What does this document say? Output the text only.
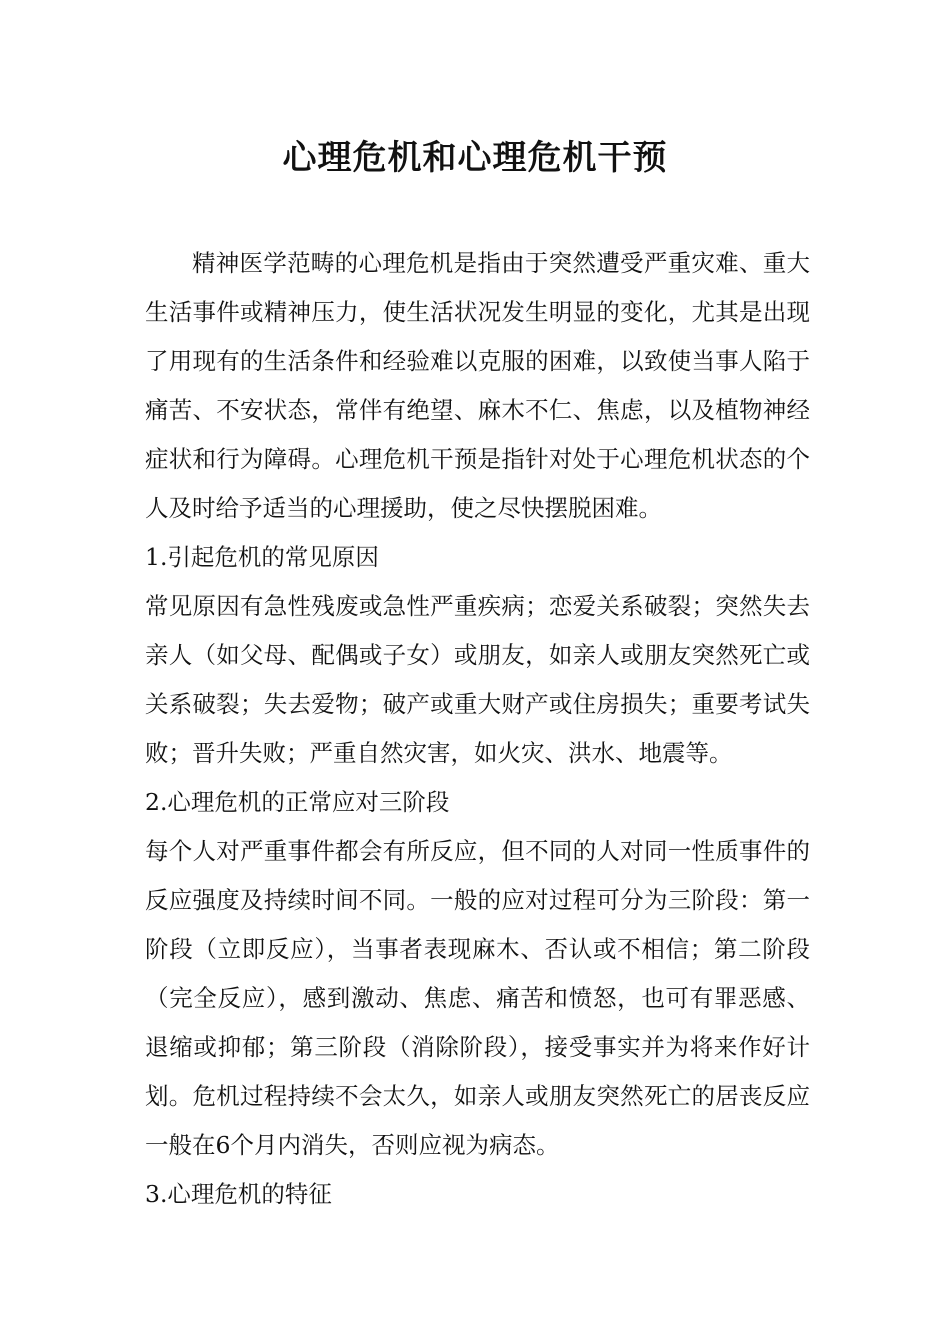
心理危机和心理危机干预

精神医学范畴的心理危机是指由于突然遭受严重灾难、重大生活事件或精神压力，使生活状况发生明显的变化，尤其是出现了用现有的生活条件和经验难以克服的困难，以致使当事人陷于痛苦、不安状态，常伴有绝望、麻木不仁、焦虑，以及植物神经症状和行为障碍。心理危机干预是指针对处于心理危机状态的个人及时给予适当的心理援助，使之尽快摆脱困难。

1.引起危机的常见原因

常见原因有急性残废或急性严重疾病；恋爱关系破裂；突然失去亲人（如父母、配偶或子女）或朋友，如亲人或朋友突然死亡或关系破裂；失去爱物；破产或重大财产或住房损失；重要考试失败；晋升失败；严重自然灾害，如火灾、洪水、地震等。

2.心理危机的正常应对三阶段

每个人对严重事件都会有所反应，但不同的人对同一性质事件的反应强度及持续时间不同。一般的应对过程可分为三阶段：第一阶段（立即反应），当事者表现麻木、否认或不相信；第二阶段（完全反应），感到激动、焦虑、痛苦和愤怒，也可有罪恶感、退缩或抑郁；第三阶段（消除阶段），接受事实并为将来作好计划。危机过程持续不会太久，如亲人或朋友突然死亡的居丧反应一般在6个月内消失，否则应视为病态。

3.心理危机的特征
